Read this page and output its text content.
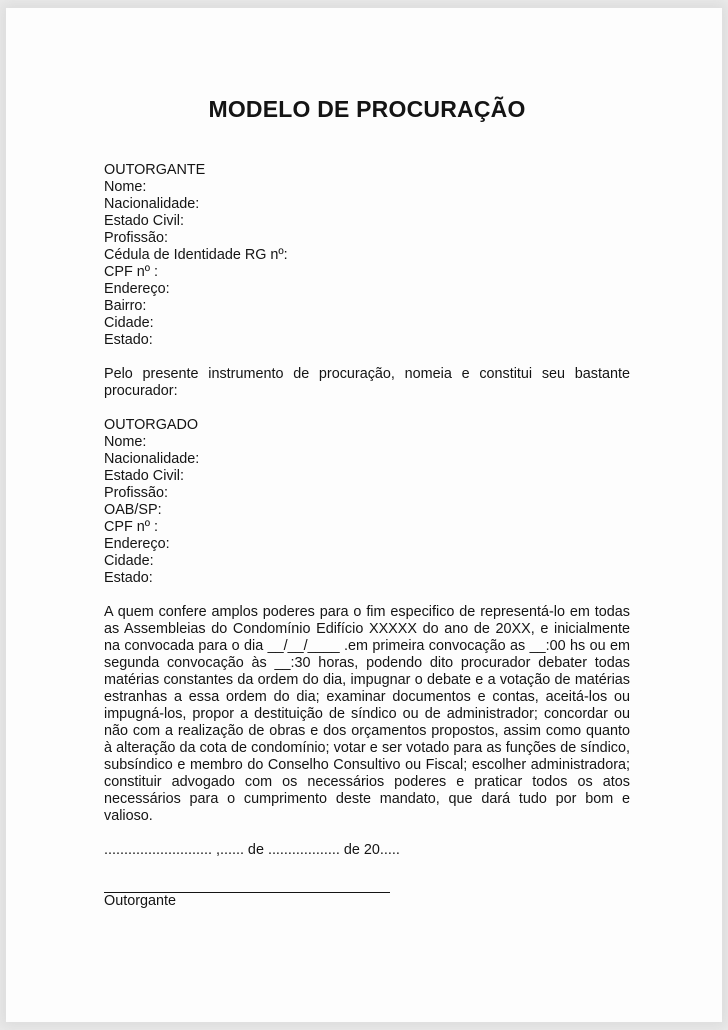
MODELO DE PROCURAÇÃO
OUTORGANTE
Nome:
Nacionalidade:
Estado Civil:
Profissão:
Cédula de Identidade RG nº:
CPF nº :
Endereço:
Bairro:
Cidade:
Estado:
Pelo presente instrumento de procuração, nomeia e constitui seu bastante procurador:
OUTORGADO
Nome:
Nacionalidade:
Estado Civil:
Profissão:
OAB/SP:
CPF nº :
Endereço:
Cidade:
Estado:
A quem confere amplos poderes para o fim especifico de representá-lo em todas as Assembleias do Condomínio Edifício XXXXX do ano de 20XX, e inicialmente na convocada para o dia __/__/____ .em primeira convocação as __:00 hs ou em segunda convocação às __:30 horas, podendo dito procurador debater todas matérias constantes da ordem do dia, impugnar o debate e a votação de matérias estranhas a essa ordem do dia; examinar documentos e contas, aceitá-los ou impugná-los, propor a destituição de síndico ou de administrador; concordar ou não com a realização de obras e dos orçamentos propostos, assim como quanto à alteração da cota de condomínio; votar e ser votado para as funções de síndico, subsíndico e membro do Conselho Consultivo ou Fiscal; escolher administradora; constituir advogado com os necessários poderes e praticar todos os atos necessários para o cumprimento deste mandato, que dará tudo por bom e valioso.
........................... ,...... de .................. de 20.....
Outorgante
